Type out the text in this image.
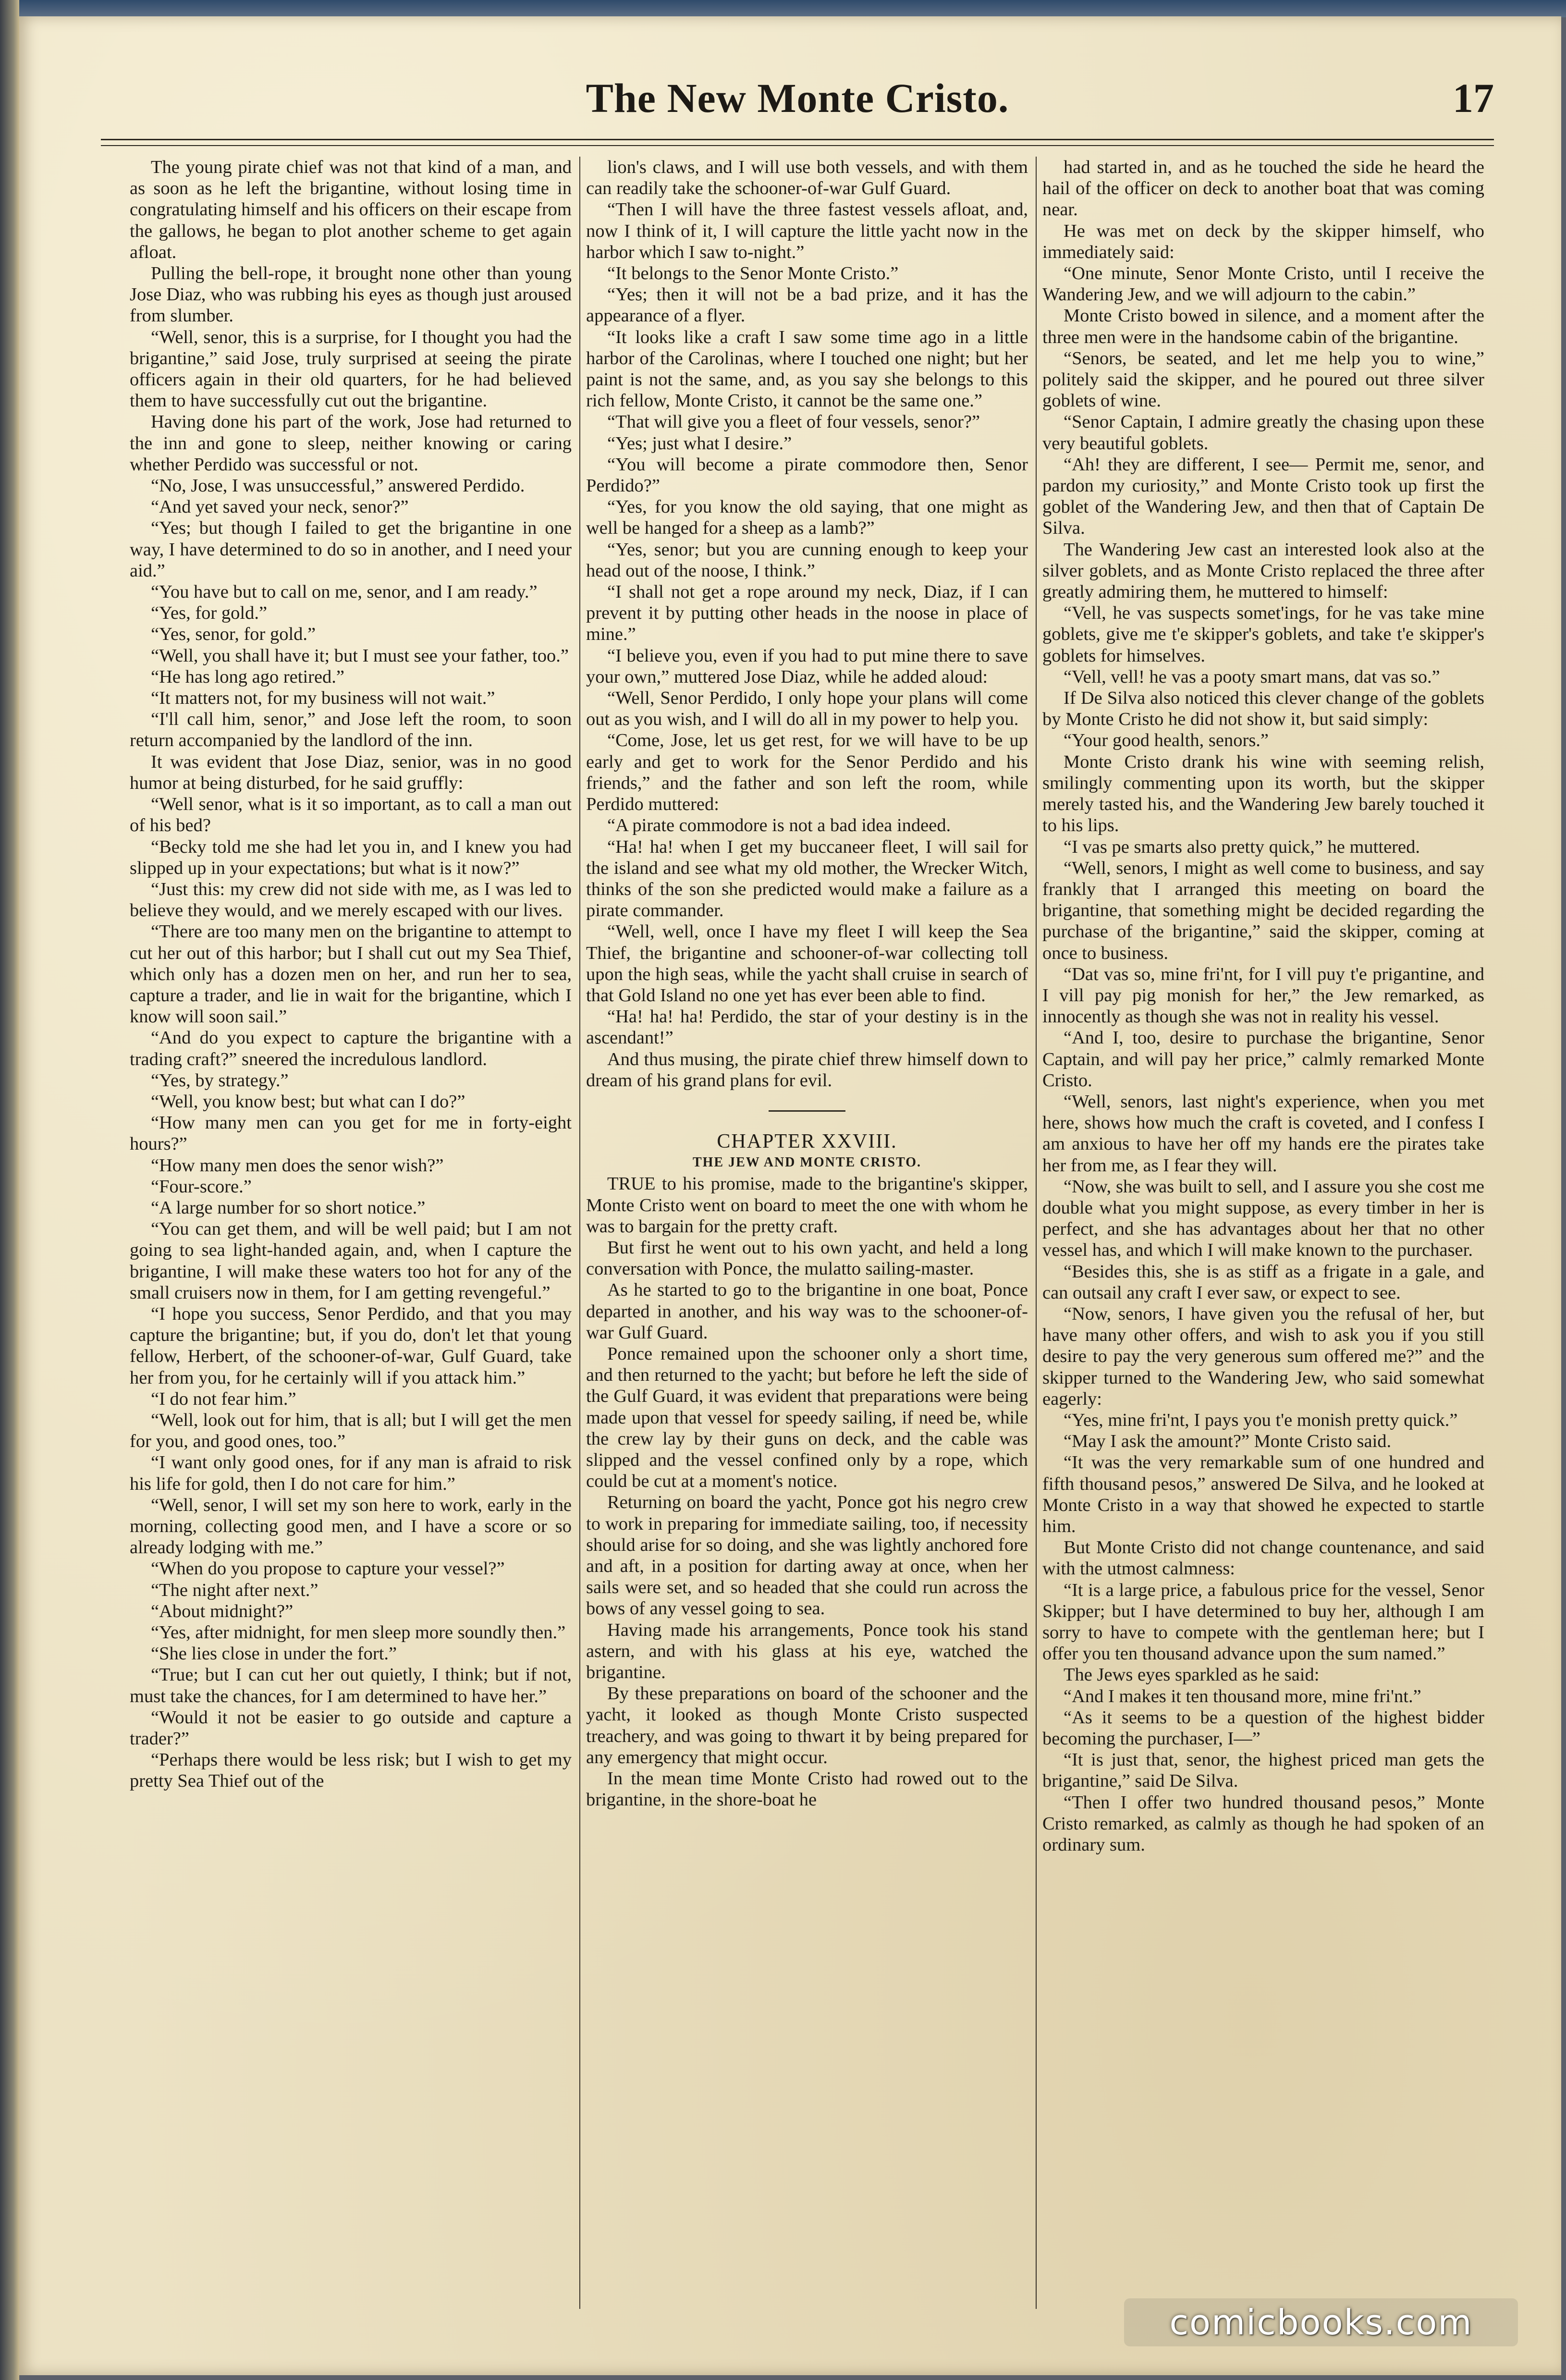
The New Monte Cristo.	17

The young pirate chief was not that kind of a man, and as soon as he left the brigantine, without losing time in congratulating himself and his officers on their escape from the gallows, he began to plot another scheme to get again afloat.

Pulling the bell-rope, it brought none other than young Jose Diaz, who was rubbing his eyes as though just aroused from slumber.

“Well, senor, this is a surprise, for I thought you had the brigantine,” said Jose, truly surprised at seeing the pirate officers again in their old quarters, for he had believed them to have successfully cut out the brigantine.

Having done his part of the work, Jose had returned to the inn and gone to sleep, neither knowing or caring whether Perdido was successful or not.

“No, Jose, I was unsuccessful,” answered Perdido.

“And yet saved your neck, senor?”

“Yes; but though I failed to get the brigantine in one way, I have determined to do so in another, and I need your aid.”

“You have but to call on me, senor, and I am ready.”

“Yes, for gold.”

“Yes, senor, for gold.”

“Well, you shall have it; but I must see your father, too.”

“He has long ago retired.”

“It matters not, for my business will not wait.”

“I'll call him, senor,” and Jose left the room, to soon return accompanied by the landlord of the inn.

It was evident that Jose Diaz, senior, was in no good humor at being disturbed, for he said gruffly:

“Well senor, what is it so important, as to call a man out of his bed?

“Becky told me she had let you in, and I knew you had slipped up in your expectations; but what is it now?”

“Just this: my crew did not side with me, as I was led to believe they would, and we merely escaped with our lives.

“There are too many men on the brigantine to attempt to cut her out of this harbor; but I shall cut out my Sea Thief, which only has a dozen men on her, and run her to sea, capture a trader, and lie in wait for the brigantine, which I know will soon sail.”

“And do you expect to capture the brigantine with a trading craft?” sneered the incredulous landlord.

“Yes, by strategy.”

“Well, you know best; but what can I do?”

“How many men can you get for me in forty-eight hours?”

“How many men does the senor wish?”

“Four-score.”

“A large number for so short notice.”

“You can get them, and will be well paid; but I am not going to sea light-handed again, and, when I capture the brigantine, I will make these waters too hot for any of the small cruisers now in them, for I am getting revengeful.”

“I hope you success, Senor Perdido, and that you may capture the brigantine; but, if you do, don't let that young fellow, Herbert, of the schooner-of-war, Gulf Guard, take her from you, for he certainly will if you attack him.”

“I do not fear him.”

“Well, look out for him, that is all; but I will get the men for you, and good ones, too.”

“I want only good ones, for if any man is afraid to risk his life for gold, then I do not care for him.”

“Well, senor, I will set my son here to work, early in the morning, collecting good men, and I have a score or so already lodging with me.”

“When do you propose to capture your vessel?”

“The night after next.”

“About midnight?”

“Yes, after midnight, for men sleep more soundly then.”

“She lies close in under the fort.”

“True; but I can cut her out quietly, I think; but if not, must take the chances, for I am determined to have her.”

“Would it not be easier to go outside and capture a trader?”

“Perhaps there would be less risk; but I wish to get my pretty Sea Thief out of the

lion's claws, and I will use both vessels, and with them can readily take the schooner-of-war Gulf Guard.

“Then I will have the three fastest vessels afloat, and, now I think of it, I will capture the little yacht now in the harbor which I saw to-night.”

“It belongs to the Senor Monte Cristo.”

“Yes; then it will not be a bad prize, and it has the appearance of a flyer.

“It looks like a craft I saw some time ago in a little harbor of the Carolinas, where I touched one night; but her paint is not the same, and, as you say she belongs to this rich fellow, Monte Cristo, it cannot be the same one.”

“That will give you a fleet of four vessels, senor?”

“Yes; just what I desire.”

“You will become a pirate commodore then, Senor Perdido?”

“Yes, for you know the old saying, that one might as well be hanged for a sheep as a lamb?”

“Yes, senor; but you are cunning enough to keep your head out of the noose, I think.”

“I shall not get a rope around my neck, Diaz, if I can prevent it by putting other heads in the noose in place of mine.”

“I believe you, even if you had to put mine there to save your own,” muttered Jose Diaz, while he added aloud:

“Well, Senor Perdido, I only hope your plans will come out as you wish, and I will do all in my power to help you.

“Come, Jose, let us get rest, for we will have to be up early and get to work for the Senor Perdido and his friends,” and the father and son left the room, while Perdido muttered:

“A pirate commodore is not a bad idea indeed.

“Ha! ha! when I get my buccaneer fleet, I will sail for the island and see what my old mother, the Wrecker Witch, thinks of the son she predicted would make a failure as a pirate commander.

“Well, well, once I have my fleet I will keep the Sea Thief, the brigantine and schooner-of-war collecting toll upon the high seas, while the yacht shall cruise in search of that Gold Island no one yet has ever been able to find.

“Ha! ha! ha! Perdido, the star of your destiny is in the ascendant!”

And thus musing, the pirate chief threw himself down to dream of his grand plans for evil.

CHAPTER XXVIII.

THE JEW AND MONTE CRISTO.

TRUE to his promise, made to the brigantine's skipper, Monte Cristo went on board to meet the one with whom he was to bargain for the pretty craft.

But first he went out to his own yacht, and held a long conversation with Ponce, the mulatto sailing-master.

As he started to go to the brigantine in one boat, Ponce departed in another, and his way was to the schooner-of-war Gulf Guard.

Ponce remained upon the schooner only a short time, and then returned to the yacht; but before he left the side of the Gulf Guard, it was evident that preparations were being made upon that vessel for speedy sailing, if need be, while the crew lay by their guns on deck, and the cable was slipped and the vessel confined only by a rope, which could be cut at a moment's notice.

Returning on board the yacht, Ponce got his negro crew to work in preparing for immediate sailing, too, if necessity should arise for so doing, and she was lightly anchored fore and aft, in a position for darting away at once, when her sails were set, and so headed that she could run across the bows of any vessel going to sea.

Having made his arrangements, Ponce took his stand astern, and with his glass at his eye, watched the brigantine.

By these preparations on board of the schooner and the yacht, it looked as though Monte Cristo suspected treachery, and was going to thwart it by being prepared for any emergency that might occur.

In the mean time Monte Cristo had rowed out to the brigantine, in the shore-boat he

had started in, and as he touched the side he heard the hail of the officer on deck to another boat that was coming near.

He was met on deck by the skipper himself, who immediately said:

“One minute, Senor Monte Cristo, until I receive the Wandering Jew, and we will adjourn to the cabin.”

Monte Cristo bowed in silence, and a moment after the three men were in the handsome cabin of the brigantine.

“Senors, be seated, and let me help you to wine,” politely said the skipper, and he poured out three silver goblets of wine.

“Senor Captain, I admire greatly the chasing upon these very beautiful goblets.

“Ah! they are different, I see— Permit me, senor, and pardon my curiosity,” and Monte Cristo took up first the goblet of the Wandering Jew, and then that of Captain De Silva.

The Wandering Jew cast an interested look also at the silver goblets, and as Monte Cristo replaced the three after greatly admiring them, he muttered to himself:

“Vell, he vas suspects somet'ings, for he vas take mine goblets, give me t'e skipper's goblets, and take t'e skipper's goblets for himselves.

“Vell, vell! he vas a pooty smart mans, dat vas so.”

If De Silva also noticed this clever change of the goblets by Monte Cristo he did not show it, but said simply:

“Your good health, senors.”

Monte Cristo drank his wine with seeming relish, smilingly commenting upon its worth, but the skipper merely tasted his, and the Wandering Jew barely touched it to his lips.

“I vas pe smarts also pretty quick,” he muttered.

“Well, senors, I might as well come to business, and say frankly that I arranged this meeting on board the brigantine, that something might be decided regarding the purchase of the brigantine,” said the skipper, coming at once to business.

“Dat vas so, mine fri'nt, for I vill puy t'e prigantine, and I vill pay pig monish for her,” the Jew remarked, as innocently as though she was not in reality his vessel.

“And I, too, desire to purchase the brigantine, Senor Captain, and will pay her price,” calmly remarked Monte Cristo.

“Well, senors, last night's experience, when you met here, shows how much the craft is coveted, and I confess I am anxious to have her off my hands ere the pirates take her from me, as I fear they will.

“Now, she was built to sell, and I assure you she cost me double what you might suppose, as every timber in her is perfect, and she has advantages about her that no other vessel has, and which I will make known to the purchaser.

“Besides this, she is as stiff as a frigate in a gale, and can outsail any craft I ever saw, or expect to see.

“Now, senors, I have given you the refusal of her, but have many other offers, and wish to ask you if you still desire to pay the very generous sum offered me?” and the skipper turned to the Wandering Jew, who said somewhat eagerly:

“Yes, mine fri'nt, I pays you t'e monish pretty quick.”

“May I ask the amount?” Monte Cristo said.

“It was the very remarkable sum of one hundred and fifth thousand pesos,” answered De Silva, and he looked at Monte Cristo in a way that showed he expected to startle him.

But Monte Cristo did not change countenance, and said with the utmost calmness:

“It is a large price, a fabulous price for the vessel, Senor Skipper; but I have determined to buy her, although I am sorry to have to compete with the gentleman here; but I offer you ten thousand advance upon the sum named.”

The Jews eyes sparkled as he said:

“And I makes it ten thousand more, mine fri'nt.”

“As it seems to be a question of the highest bidder becoming the purchaser, I—”

“It is just that, senor, the highest priced man gets the brigantine,” said De Silva.

“Then I offer two hundred thousand pesos,” Monte Cristo remarked, as calmly as though he had spoken of an ordinary sum.

comicbooks.com
